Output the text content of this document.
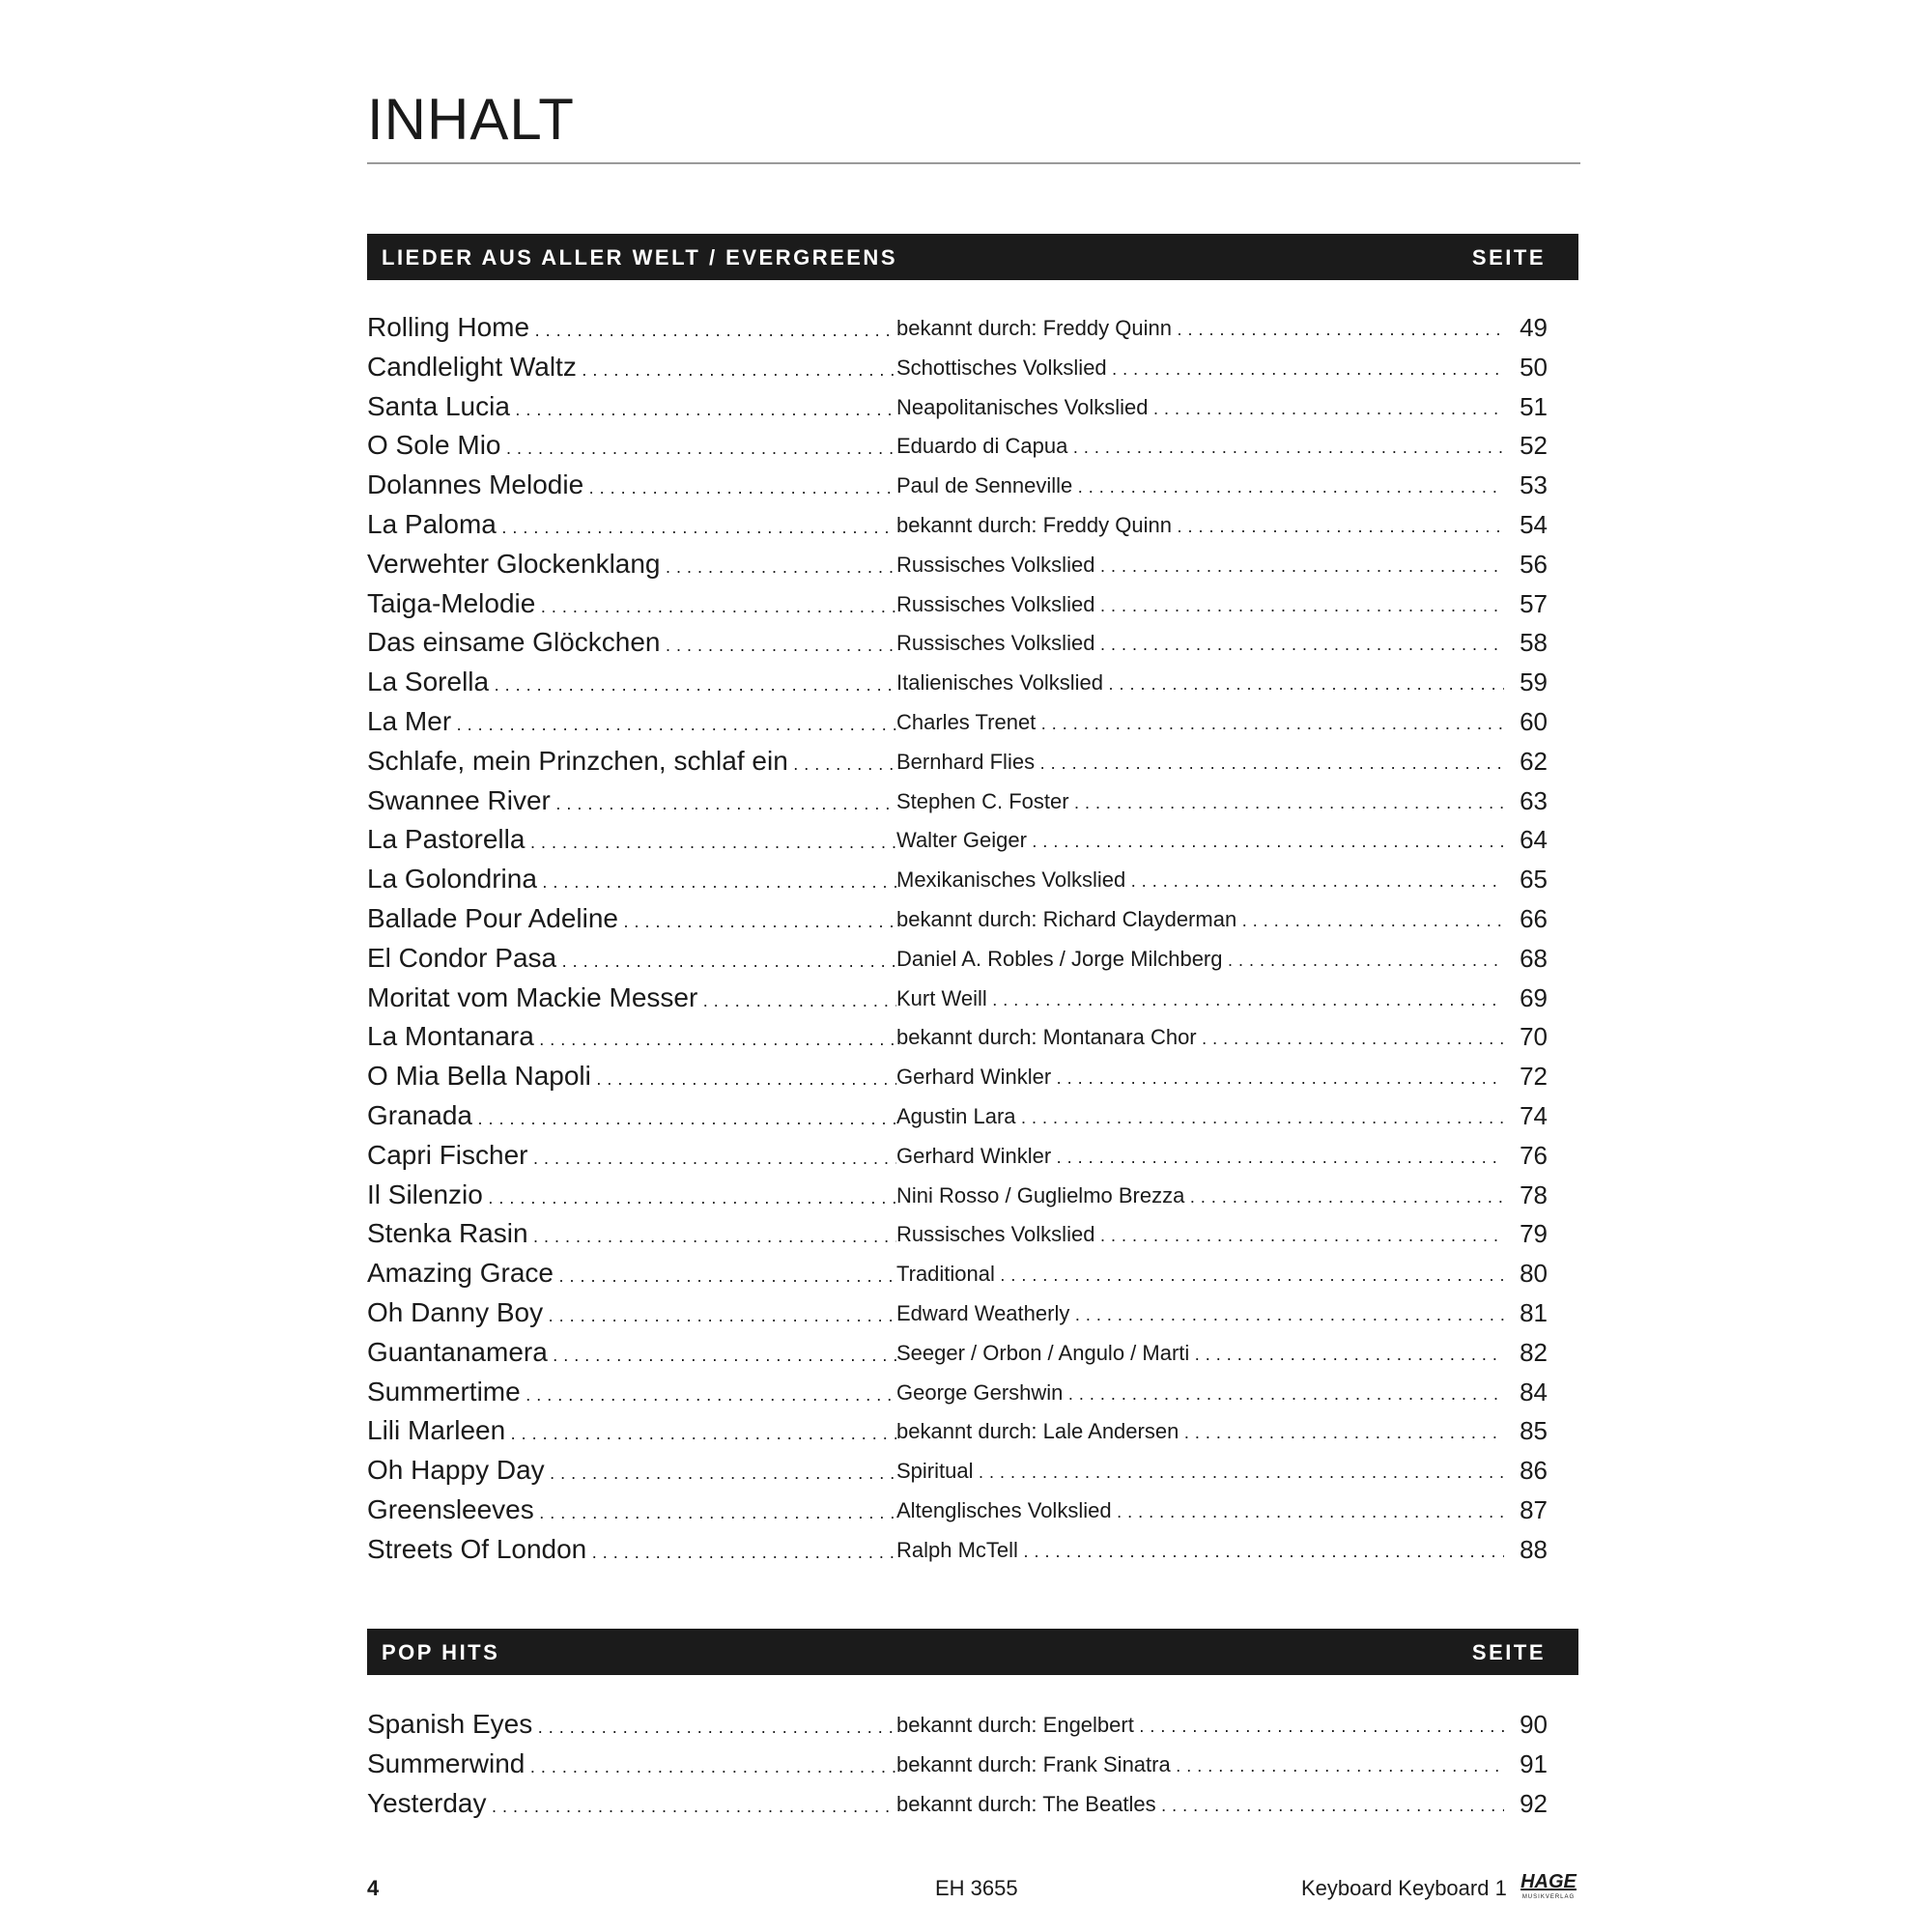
INHALT
LIEDER AUS ALLER WELT / EVERGREENS	SEITE
Rolling Home . . .	bekannt durch: Freddy Quinn . . .	49
Candlelight Waltz . . .	Schottisches Volkslied . . .	50
Santa Lucia . . .	Neapolitanisches Volkslied . . .	51
O Sole Mio . . .	Eduardo di Capua . . .	52
Dolannes Melodie . . .	Paul de Senneville . . .	53
La Paloma . . .	bekannt durch: Freddy Quinn . . .	54
Verwehter Glockenklang . . .	Russisches Volkslied . . .	56
Taiga-Melodie . . .	Russisches Volkslied . . .	57
Das einsame Glöckchen . . .	Russisches Volkslied . . .	58
La Sorella . . .	Italienisches Volkslied . . .	59
La Mer . . .	Charles Trenet . . .	60
Schlafe, mein Prinzchen, schlaf ein . . .	Bernhard Flies . . .	62
Swannee River . . .	Stephen C. Foster . . .	63
La Pastorella . . .	Walter Geiger . . .	64
La Golondrina . . .	Mexikanisches Volkslied . . .	65
Ballade Pour Adeline . . .	bekannt durch: Richard Clayderman . . .	66
El Condor Pasa . . .	Daniel A. Robles / Jorge Milchberg . . .	68
Moritat vom Mackie Messer . . .	Kurt Weill . . .	69
La Montanara . . .	bekannt durch: Montanara Chor . . .	70
O Mia Bella Napoli . . .	Gerhard Winkler . . .	72
Granada . . .	Agustin Lara . . .	74
Capri Fischer . . .	Gerhard Winkler . . .	76
Il Silenzio . . .	Nini Rosso / Guglielmo Brezza . . .	78
Stenka Rasin . . .	Russisches Volkslied . . .	79
Amazing Grace . . .	Traditional . . .	80
Oh Danny Boy . . .	Edward Weatherly . . .	81
Guantanamera . . .	Seeger / Orbon / Angulo / Marti . . .	82
Summertime . . .	George Gershwin . . .	84
Lili Marleen . . .	bekannt durch: Lale Andersen . . .	85
Oh Happy Day . . .	Spiritual . . .	86
Greensleeves . . .	Altenglisches Volkslied . . .	87
Streets Of London . . .	Ralph McTell . . .	88
POP HITS	SEITE
Spanish Eyes . . .	bekannt durch: Engelbert . . .	90
Summerwind . . .	bekannt durch: Frank Sinatra . . .	91
Yesterday . . .	bekannt durch: The Beatles . . .	92
4	EH 3655	Keyboard Keyboard 1 HAGE
MUSIKVERLAG
